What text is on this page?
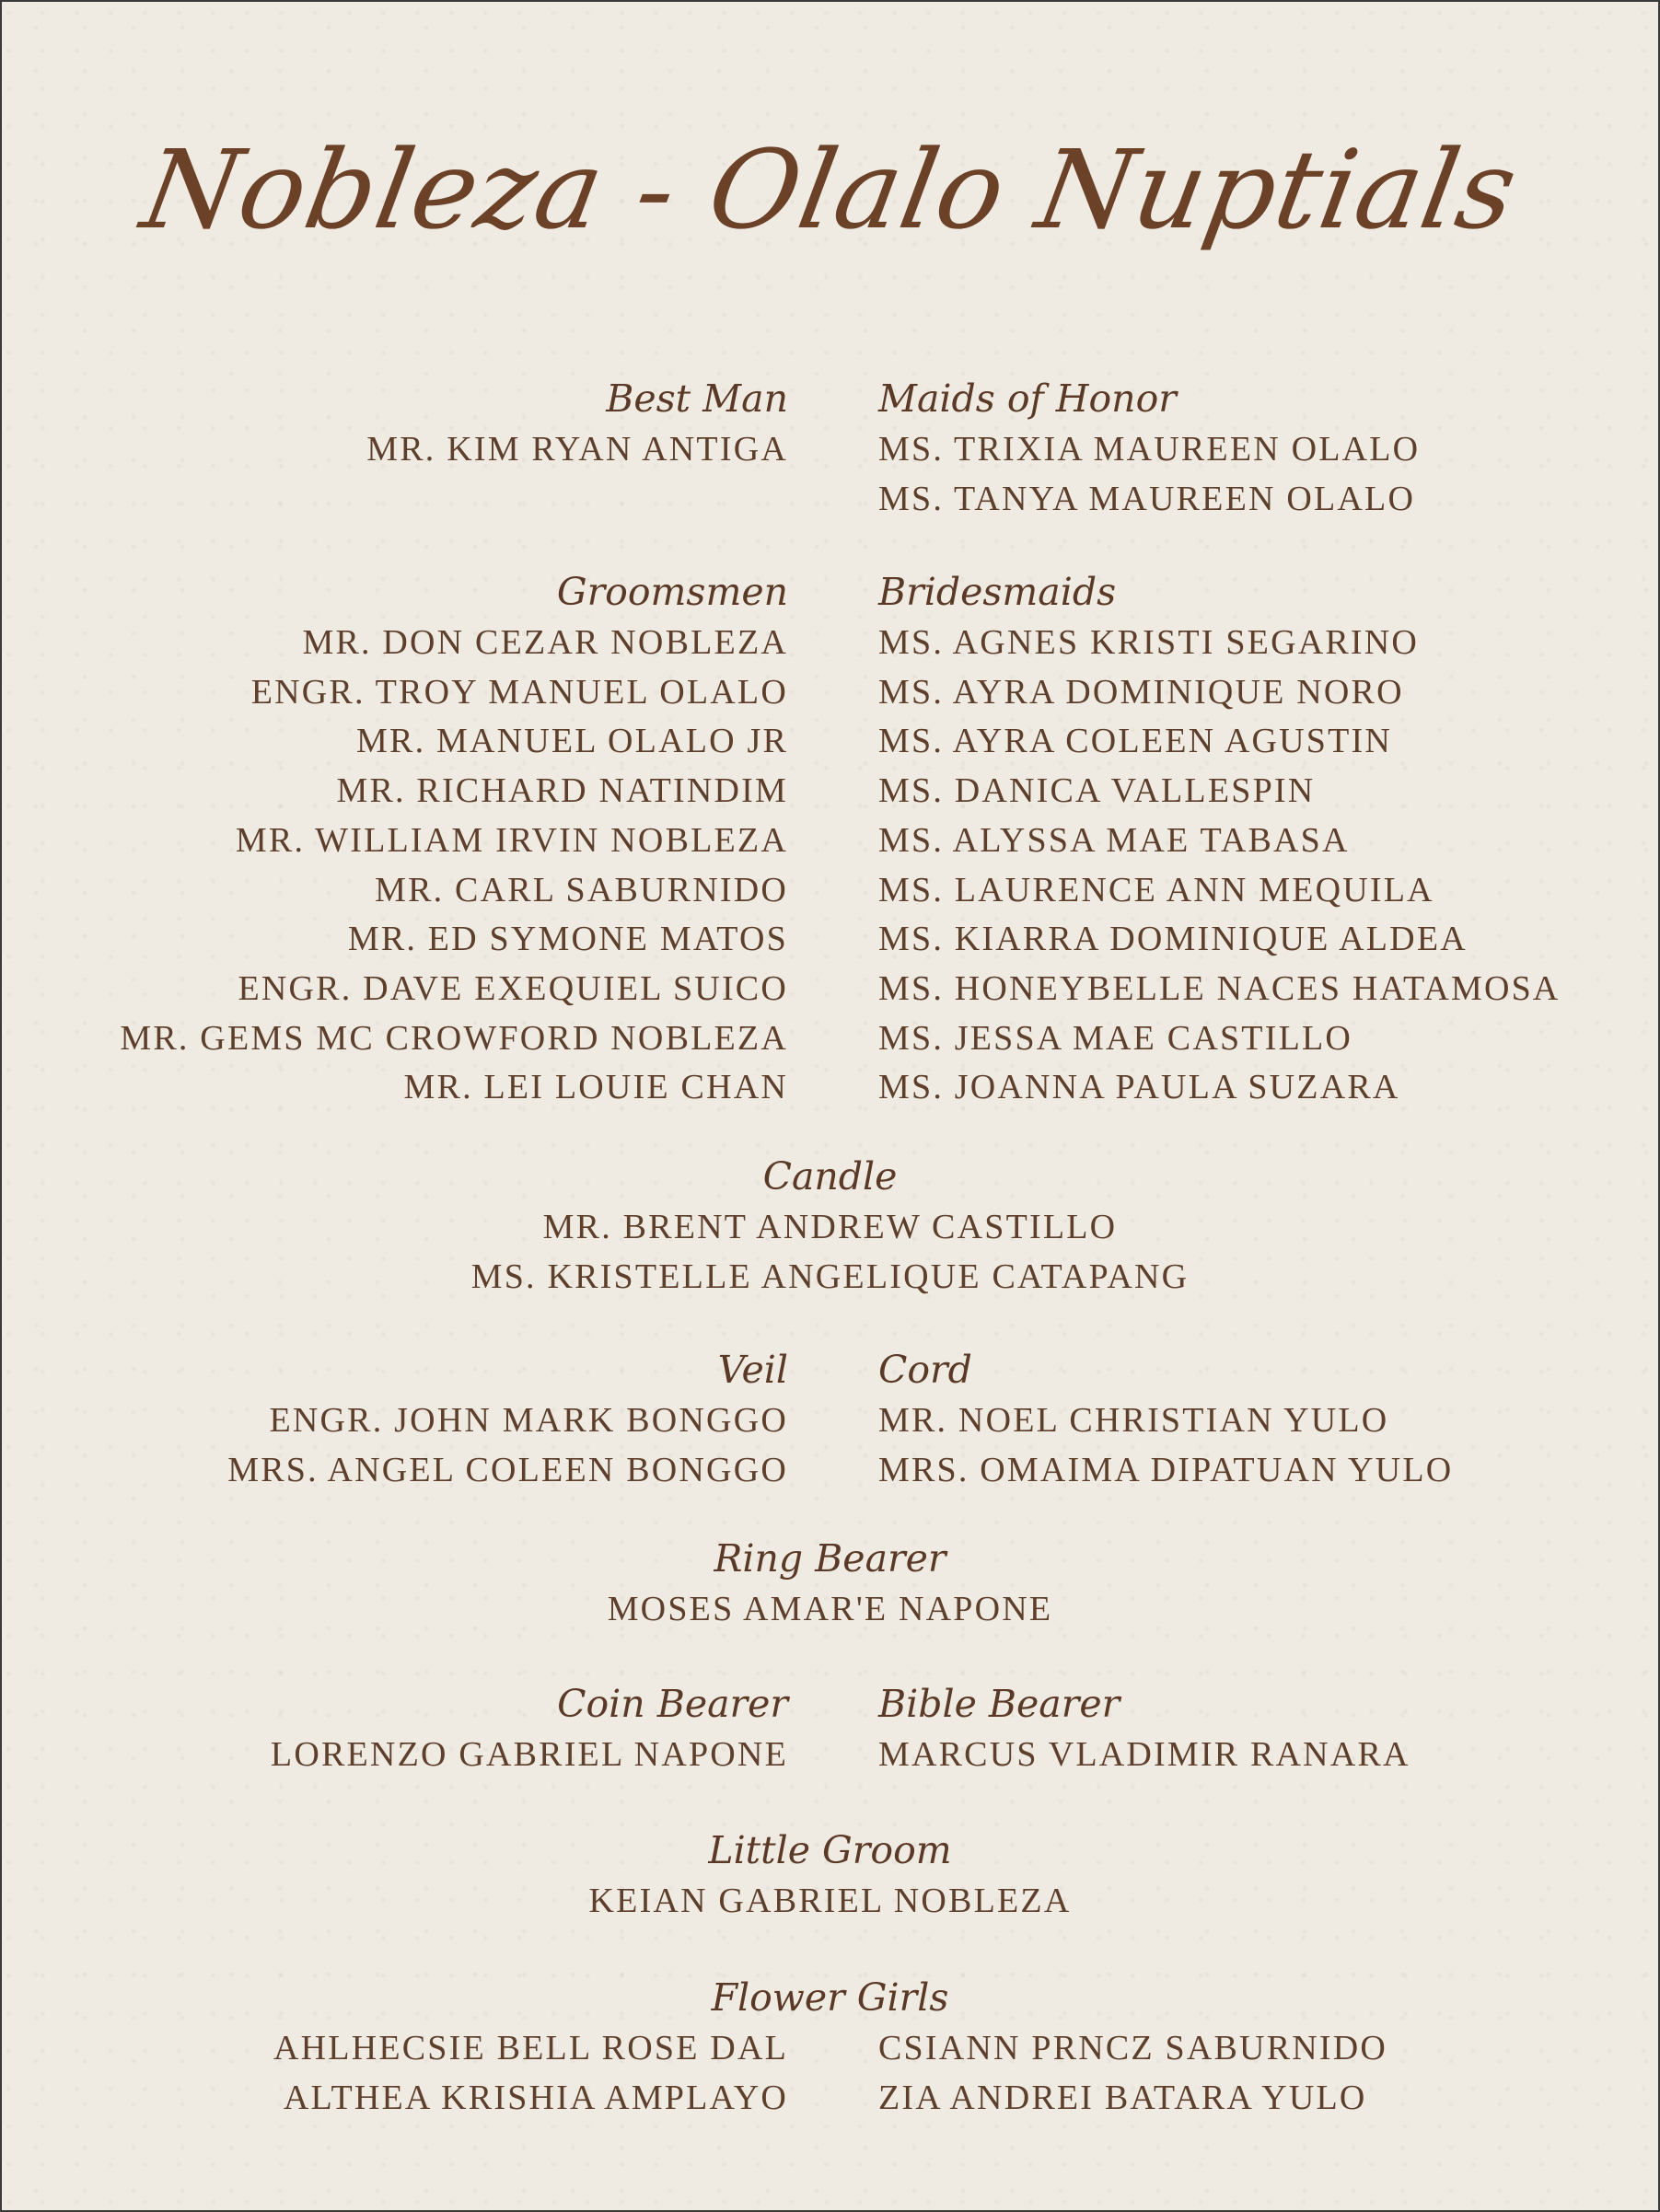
Nobleza - Olalo Nuptials
Best Man
MR. KIM RYAN ANTIGA
Maids of Honor
MS. TRIXIA MAUREEN OLALO
MS. TANYA MAUREEN OLALO
Groomsmen
MR. DON CEZAR NOBLEZA
ENGR. TROY MANUEL OLALO
MR. MANUEL OLALO JR
MR. RICHARD NATINDIM
MR. WILLIAM IRVIN NOBLEZA
MR. CARL SABURNIDO
MR. ED SYMONE MATOS
ENGR. DAVE EXEQUIEL SUICO
MR. GEMS MC CROWFORD NOBLEZA
MR. LEI LOUIE CHAN
Bridesmaids
MS. AGNES KRISTI SEGARINO
MS. AYRA DOMINIQUE NORO
MS. AYRA COLEEN AGUSTIN
MS. DANICA VALLESPIN
MS. ALYSSA MAE TABASA
MS. LAURENCE ANN MEQUILA
MS. KIARRA DOMINIQUE ALDEA
MS. HONEYBELLE NACES HATAMOSA
MS. JESSA MAE CASTILLO
MS. JOANNA PAULA SUZARA
Candle
MR. BRENT ANDREW CASTILLO
MS. KRISTELLE ANGELIQUE CATAPANG
Veil
ENGR. JOHN MARK BONGGO
MRS. ANGEL COLEEN BONGGO
Cord
MR. NOEL CHRISTIAN YULO
MRS. OMAIMA DIPATUAN YULO
Ring Bearer
MOSES AMAR'E NAPONE
Coin Bearer
LORENZO GABRIEL NAPONE
Bible Bearer
MARCUS VLADIMIR RANARA
Little Groom
KEIAN GABRIEL NOBLEZA
Flower Girls
AHLHECSIE BELL ROSE DAL
ALTHEA KRISHIA AMPLAYO
CSIANN PRNCZ SABURNIDO
ZIA ANDREI BATARA YULO
